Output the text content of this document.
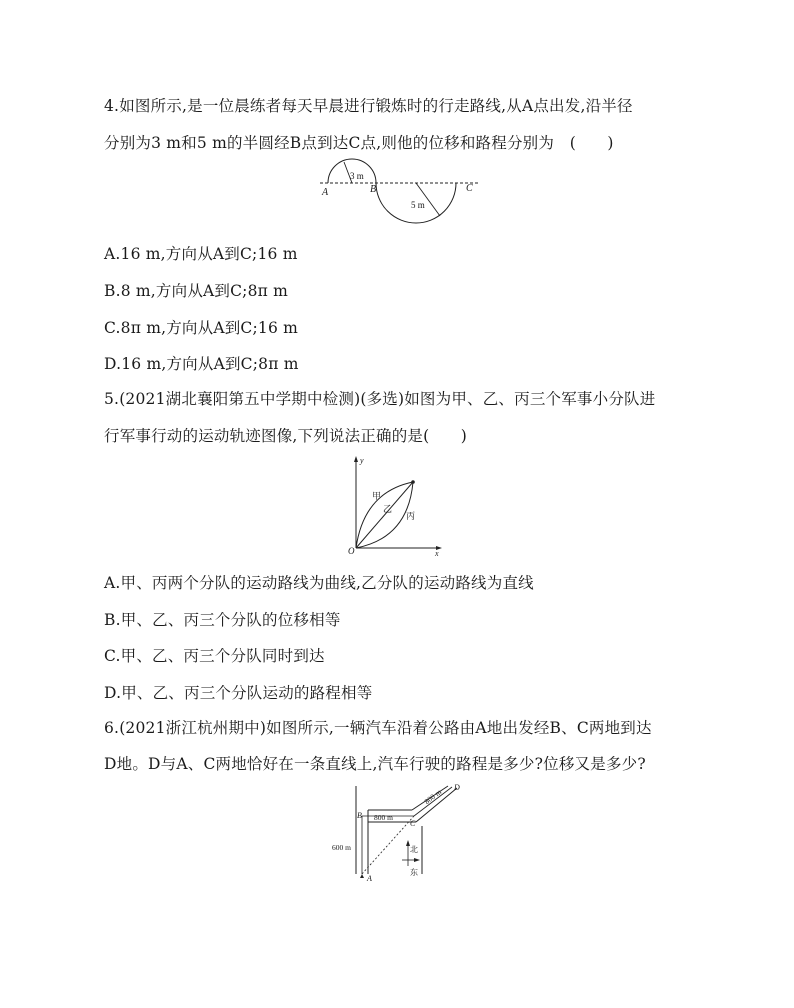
4.如图所示,是一位晨练者每天早晨进行锻炼时的行走路线,从A点出发,沿半径
分别为3 m和5 m的半圆经B点到达C点,则他的位移和路程分别为　(　　)
A	B	C
3 m
5 m
A.16 m,方向从A到C;16 m
B.8 m,方向从A到C;8π m
C.8π m,方向从A到C;16 m
D.16 m,方向从A到C;8π m
5.(2021湖北襄阳第五中学期中检测)(多选)如图为甲、乙、丙三个军事小分队进
行军事行动的运动轨迹图像,下列说法正确的是(　　)
y
x
O
甲
乙
丙
A.甲、丙两个分队的运动路线为曲线,乙分队的运动路线为直线
B.甲、乙、丙三个分队的位移相等
C.甲、乙、丙三个分队同时到达
D.甲、乙、丙三个分队运动的路程相等
6.(2021浙江杭州期中)如图所示,一辆汽车沿着公路由A地出发经B、C两地到达
D地。D与A、C两地恰好在一条直线上,汽车行驶的路程是多少?位移又是多少?
B
C
D
A
800 m
800 m
600 m	北
东
